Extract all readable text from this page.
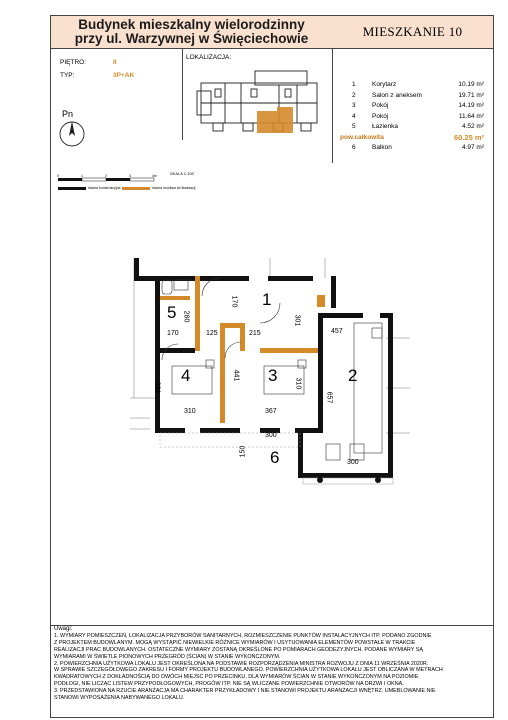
Budynek mieszkalny wielorodzinny
przy ul. Warzywnej w Święciechowie	MIESZKANIE 10
PIĘTRO:	II
TYP:	3P+AK
Pn
LOKALIZACJA:
1	Korytarz	10.19 m²
2	Salon z aneksem	19.71 m²
3	Pokój	14.19 m²
4	Pokój	11.64 m²
5	Łazienka	4.52 m²
pow.całkowita	60.25 m²
6	Balkon	4.97 m²
SKALA 1:100
0	1	2	3	4m
ściana konstrukcyjna	ściana możliwa do likwidacji
1
2
3
4
5
6
280
170
170	125	215
301
457
331
441
310
310
367
657
300
300
150
Uwagi:
1. WYMIARY POMIESZCZEŃ, LOKALIZACJA PRZYBORÓW SANITARNYCH, ROZMIESZCZENIE PUNKTÓW INSTALACYJNYCH ITP. PODANO ZGODNIE
Z PROJEKTEM BUDOWLANYM. MOGĄ WYSTĄPIĆ NIEWIELKIE RÓŻNICE WYMIARÓW I USYTUOWANIA ELEMENTÓW POWSTAŁE W TRAKCIE
REALIZACJI PRAC BUDOWLANYCH. OSTATECZNE WYMIARY ZOSTANĄ OKREŚLONE PO POMIARACH GEODEZYJNYCH. PODANE WYMIARY SĄ
WYMIARAMI W ŚWIETLE PIONOWYCH PRZEGRÓD (ŚCIAN) W STANIE WYKOŃCZONYM.
2. POWIERZCHNIA UŻYTKOWA LOKALU JEST OKREŚLONA NA PODSTAWIE ROZPORZĄDZENIA MINISTRA ROZWOJU Z DNIA 11 WRZEŚNIA 2020R.
W SPRAWIE SZCZEGÓŁOWEGO ZAKRESU I FORMY PROJEKTU BUDOWLANEGO. POWIERZCHNIA UŻYTKOWA LOKALU JEST OBLICZANA W METRACH
KWADRATOWYCH Z DOKŁADNOŚCIĄ DO DWÓCH MIEJSC PO PRZECINKU, DLA WYMIARÓW ŚCIAN W STANIE WYKOŃCZONYM NA POZIOMIE
PODŁOGI, NIE LICZĄC LISTEW PRZYPODŁOGOWYCH, PROGÓW ITP. NIE SĄ WLICZANE POWIERZCHNIE OTWORÓW NA DRZWI I OKNA.
3. PRZEDSTAWIONA NA RZUCIE ARANŻACJA MA CHARAKTER PRZYKŁADOWY I NIE STANOWI PROJEKTU ARANŻACJI WNĘTRZ. UMEBLOWANIE NIE
STANOWI WYPOSAŻENIA NABYWANEGO LOKALU.
